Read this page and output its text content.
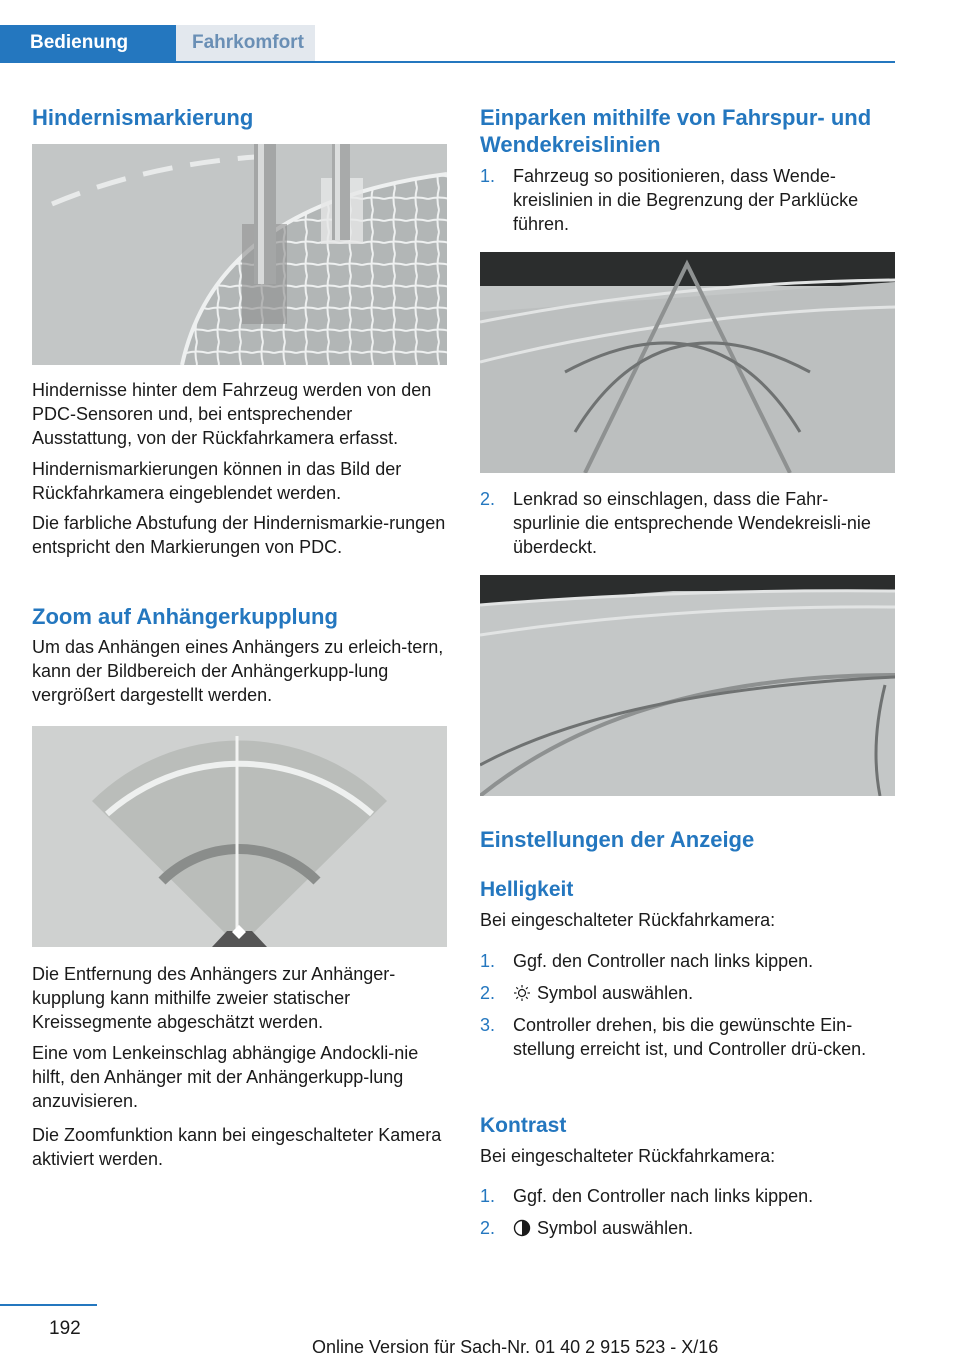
Bedienung	Fahrkomfort
Hindernismarkierung

Hindernisse hinter dem Fahrzeug werden von den PDC-Sensoren und, bei entsprechender Ausstattung, von der Rückfahrkamera erfasst.

Hindernismarkierungen können in das Bild der Rückfahrkamera eingeblendet werden.

Die farbliche Abstufung der Hindernismarkie-rungen entspricht den Markierungen von PDC.

Zoom auf Anhängerkupplung

Um das Anhängen eines Anhängers zu erleich-tern, kann der Bildbereich der Anhängerkupp-lung vergrößert dargestellt werden.

Die Entfernung des Anhängers zur Anhänger-kupplung kann mithilfe zweier statischer Kreissegmente abgeschätzt werden.

Eine vom Lenkeinschlag abhängige Andockli-nie hilft, den Anhänger mit der Anhängerkupp-lung anzuvisieren.

Die Zoomfunktion kann bei eingeschalteter Kamera aktiviert werden.

Einparken mithilfe von Fahrspur- und Wendekreislinien
1. Fahrzeug so positionieren, dass Wende-kreislinien in die Begrenzung der Parklücke führen.
2. Lenkrad so einschlagen, dass die Fahr-spurlinie die entsprechende Wendekreisli-nie überdeckt.
Einstellungen der Anzeige
Helligkeit

Bei eingeschalteter Rückfahrkamera:

1. Ggf. den Controller nach links kippen.
2. Symbol auswählen.
3. Controller drehen, bis die gewünschte Ein-stellung erreicht ist, und Controller drü-cken.
Kontrast

Bei eingeschalteter Rückfahrkamera:

1. Ggf. den Controller nach links kippen.
2. Symbol auswählen.
192
Online Version für Sach-Nr. 01 40 2 915 523 - X/16
